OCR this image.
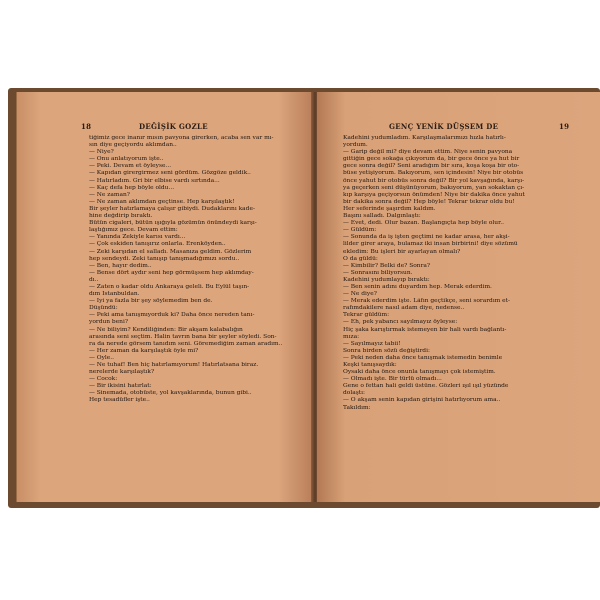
18	DEĞİŞİK GOZLE

tiğimiz gece inanır mısın pavyona girerken, acaba sen var mı-

sın diye geçiyordu aklımdan..

— Niye?

— Onu anlatıyorum işte..

— Peki. Devam et öyleyse...

— Kapıdan girergirmez seni gördüm. Gözgöze geldik..

— Hatırladım. Gri bir elbise vardı sırtında...

— Kaç defa hep böyle oldu...

— Ne zaman?

— Ne zaman aklımdan geçtinse. Hep karşılaştık!

Bir şeyler hatırlamaya çalışır gibiydi. Dudaklarını kade-

hine değdirip bıraktı.

Bütün cigaleri, bütün ışığıyla gözümün önündeydi karşı-

laştığımız gece. Devam ettim:

— Yanında Zekiyle karısı vardı...

— Çok eskiden tanışırız onlarla. Erenköyden..

— Zeki karşıdan el salladı. Masanıza geldim. Gözlerim

hep sendeydi. Zeki tanışıp tanışmadığımızı sordu..

— Ben, hayır dedim..

— Bense dört aydır seni hep görmüşsem hep aklımday-

dı..

— Zaten o kadar oldu Ankaraya geleli. Bu Eylül taşın-

dım İstanbuldan.

— İyi ya fazla bir şey söylemedim ben de.

Düşündü:

— Peki ama tanışmıyorduk ki? Daha önce nereden tanı-

yordun beni?

— Ne biliyim? Kendiliğinden: Bir akşam kalabalığın

arasında seni seçtim. Halin tavrın bana bir şeyler söyledi. Son-

ra da nerede görsem tanıdım seni. Göremediğim zaman aradım..

— Her zaman da karşılaştık öyle mi?

— Öyle..

— Ne tuhaf! Ben hiç hatırlamıyorum! Hatırlatsana biraz.

nerelerde karşılaştık?

— Cocok:

— Bir ikisini hatırlat:

— Sinemada, otobüste, yol kavşaklarında, bunun gibi..

Hep tesadüfler işte..

GENÇ YENİK DÜŞSEM DE	19

Kadehini yudumladım. Karşılaşmalarımızı hızla hatırlı-

yordum.

— Garip değil mi? diye devam ettim. Niye senin pavyona

gittiğin gece sokağa çıkıyorum da, bir gece önce ya hut bir

gece sonra değil? Seni aradığım bir sıra, koşa koşa bir oto-

büse yetişiyorum. Bakıyorum, sen içindesin! Niye bir otobüs

önce yahut bir otobüs sonra değil? Bir yol kavşağında, karşı-

ya geçerken seni düşünüyorum, bakıyorum, yan sokaktan çı-

kıp karşıya geçiyorsun önümden! Niye bir dakika önce yahut

bir dakika sonra değil? Hep böyle! Tekrar tekrar oldu bu!

Her seferinde şaşırdım kaldım.

Başını salladı. Dalgınlaştı:

— Evet, dedi. Olur bazan. Başlangıçta hep böyle olur..

— Güldüm:

— Sonunda da iş işten geçtimi ne kadar arasa, her akşi-

lilder girer araya, bulamaz iki insan birbirini! diye sözümü

ekledim: Bu işleri bir ayarlayan olmalı?

O da güldü:

— Kimbilir? Belki de? Sonra?

— Sonrasını biliyorsun.

Kadehini yudumlayıp bıraktı:

— Ben senin adını duyardım hep. Merak ederdim.

— Ne diye?

— Merak ederdim işte. Lâfın geçtikçe, seni sorardım et-

rafımdakilere nasıl adam diye, nedense..

Tekrar güldüm:

— Eh, pek yabancı sayılmayız öyleyse:

Hiç şaka karıştırmak istemeyen bir hali vardı bağlantı-

mıza:

— Sayılmayız tabii!

Sonra birden sözü değiştirdi:

— Peki neden daha önce tanışmak istemedin benimle

Keşki tanışsaydık:

Oysaki daha önce onunla tanışmayı çok istemiştim.

— Olmadı işte. Bir türlü olmadı...

Gene o fettan hali geldi üstüne. Gözleri ışıl ışıl yüzünde

dolaştı:

— O akşam senin kapıdan girişini hatırlıyorum ama..

Takıldım:
